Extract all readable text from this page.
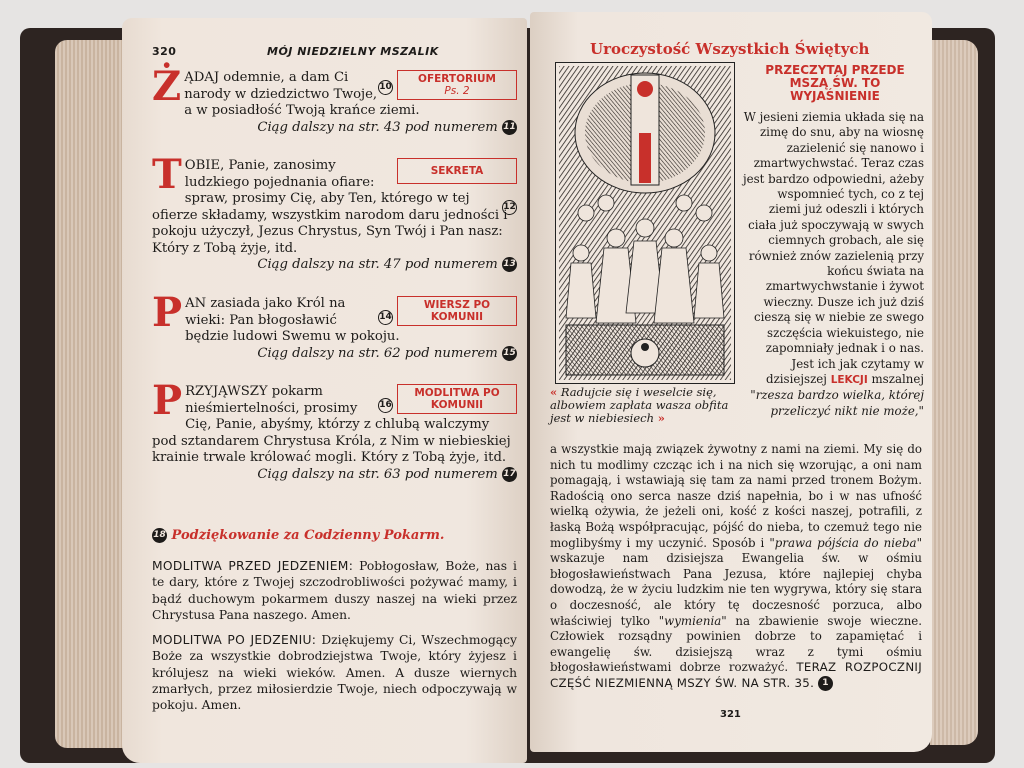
320	MÓJ NIEDZIELNY MSZALIK
Ż	OFERTORIUM
Ps. 2
10
ĄDAJ odemnie, a dam Ci narody w dziedzictwo Twoje, a w posiadłość Twoją krańce ziemi.
Ciąg dalszy na str. 43 pod numerem 11
T	SEKRETA
12
OBIE, Panie, zanosimy ludzkiego pojednania ofiare: spraw, prosimy Cię, aby Ten, którego w tej ofierze składamy, wszystkim narodom daru jedności i pokoju użyczył, Jezus Chrystus, Syn Twój i Pan nasz: Który z Tobą żyje, itd.
Ciąg dalszy na str. 47 pod numerem 13
P	WIERSZ PO KOMUNII
14
AN zasiada jako Król na wieki: Pan błogosławić będzie ludowi Swemu w pokoju.
Ciąg dalszy na str. 62 pod numerem 15
P	MODLITWA PO KOMUNII
16
RZYJĄWSZY pokarm nieśmiertelności, prosimy Cię, Panie, abyśmy, którzy z chlubą walczymy pod sztandarem Chrystusa Króla, z Nim w niebieskiej krainie trwale królować mogli. Który z Tobą żyje, itd.
Ciąg dalszy na str. 63 pod numerem 17
18 Podziękowanie za Codzienny Pokarm.
MODLITWA PRZED JEDZENIEM: Pobłogosław, Boże, nas i te dary, które z Twojej szczodrobliwości pożywać mamy, i bądź duchowym pokarmem duszy naszej na wieki przez Chrystusa Pana naszego. Amen.
MODLITWA PO JEDZENIU: Dziękujemy Ci, Wszechmogący Boże za wszystkie dobrodziejstwa Twoje, który żyjesz i królujesz na wieki wieków. Amen. A dusze wiernych zmarłych, przez miłosierdzie Twoje, niech odpoczywają w pokoju. Amen.
Uroczystość Wszystkich Świętych
« Radujcie się i weselcie się, albowiem zapłata wasza obfita jest w niebiesiech »
PRZECZYTAJ PRZEDE MSZĄ ŚW. TO WYJAŚNIENIE
W jesieni ziemia układa się na zimę do snu, aby na wiosnę zazielenić się nanowo i zmartwychwstać. Teraz czas jest bardzo odpowiedni, ażeby wspomnieć tych, co z tej ziemi już odeszli i których ciała już spoczywają w swych ciemnych grobach, ale się również znów zazielenią przy końcu świata na zmartwychwstanie i żywot wieczny. Dusze ich już dziś cieszą się w niebie ze swego szczęścia wiekuistego, nie zapomniały jednak i o nas. Jest ich jak czytamy w dzisiejszej LEKCJI mszalnej "rzesza bardzo wielka, której przeliczyć nikt nie może,"
a wszystkie mają związek żywotny z nami na ziemi. My się do nich tu modlimy czcząc ich i na nich się wzorując, a oni nam pomagają, i wstawiają się tam za nami przed tronem Bożym. Radością ono serca nasze dziś napełnia, bo i w nas ufność wielką ożywia, że jeżeli oni, kość z kości naszej, potrafili, z łaską Bożą współpracując, pójść do nieba, to czemuż tego nie moglibyśmy i my uczynić. Sposób i "prawa pójścia do nieba" wskazuje nam dzisiejsza Ewangelia św. w ośmiu błogosławieństwach Pana Jezusa, które najlepiej chyba dowodzą, że w życiu ludzkim nie ten wygrywa, który się stara o doczesność, ale który tę doczesność porzuca, albo właściwiej tylko "wymienia" na zbawienie swoje wieczne. Człowiek rozsądny powinien dobrze to zapamiętać i ewangelię św. dzisiejszą wraz z tymi ośmiu błogosławieństwami dobrze rozważyć. TERAZ ROZPOCZNIJ CZĘŚĆ NIEZMIENNĄ MSZY ŚW. NA STR. 35. 1
321
